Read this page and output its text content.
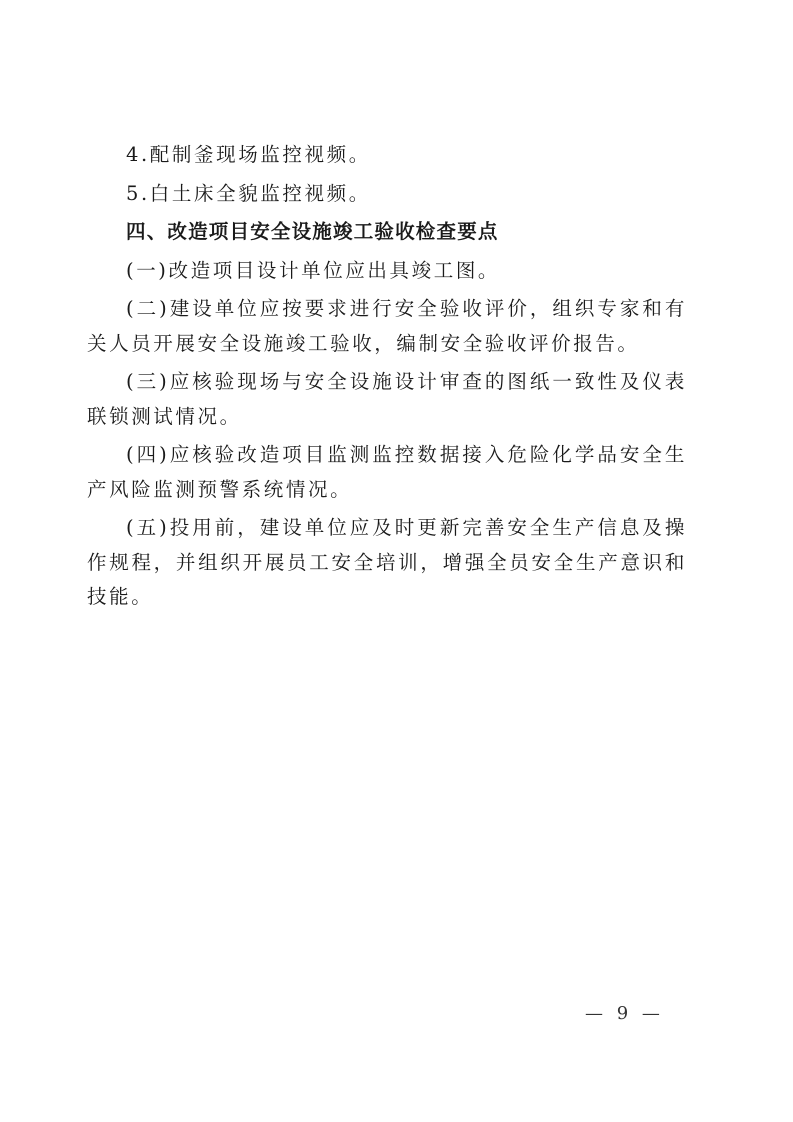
4.配制釜现场监控视频。

5.白土床全貌监控视频。

四、改造项目安全设施竣工验收检查要点

(一)改造项目设计单位应出具竣工图。

(二)建设单位应按要求进行安全验收评价，组织专家和有关人员开展安全设施竣工验收，编制安全验收评价报告。

(三)应核验现场与安全设施设计审查的图纸一致性及仪表联锁测试情况。

(四)应核验改造项目监测监控数据接入危险化学品安全生产风险监测预警系统情况。

(五)投用前，建设单位应及时更新完善安全生产信息及操作规程，并组织开展员工安全培训，增强全员安全生产意识和技能。

— 9 —
